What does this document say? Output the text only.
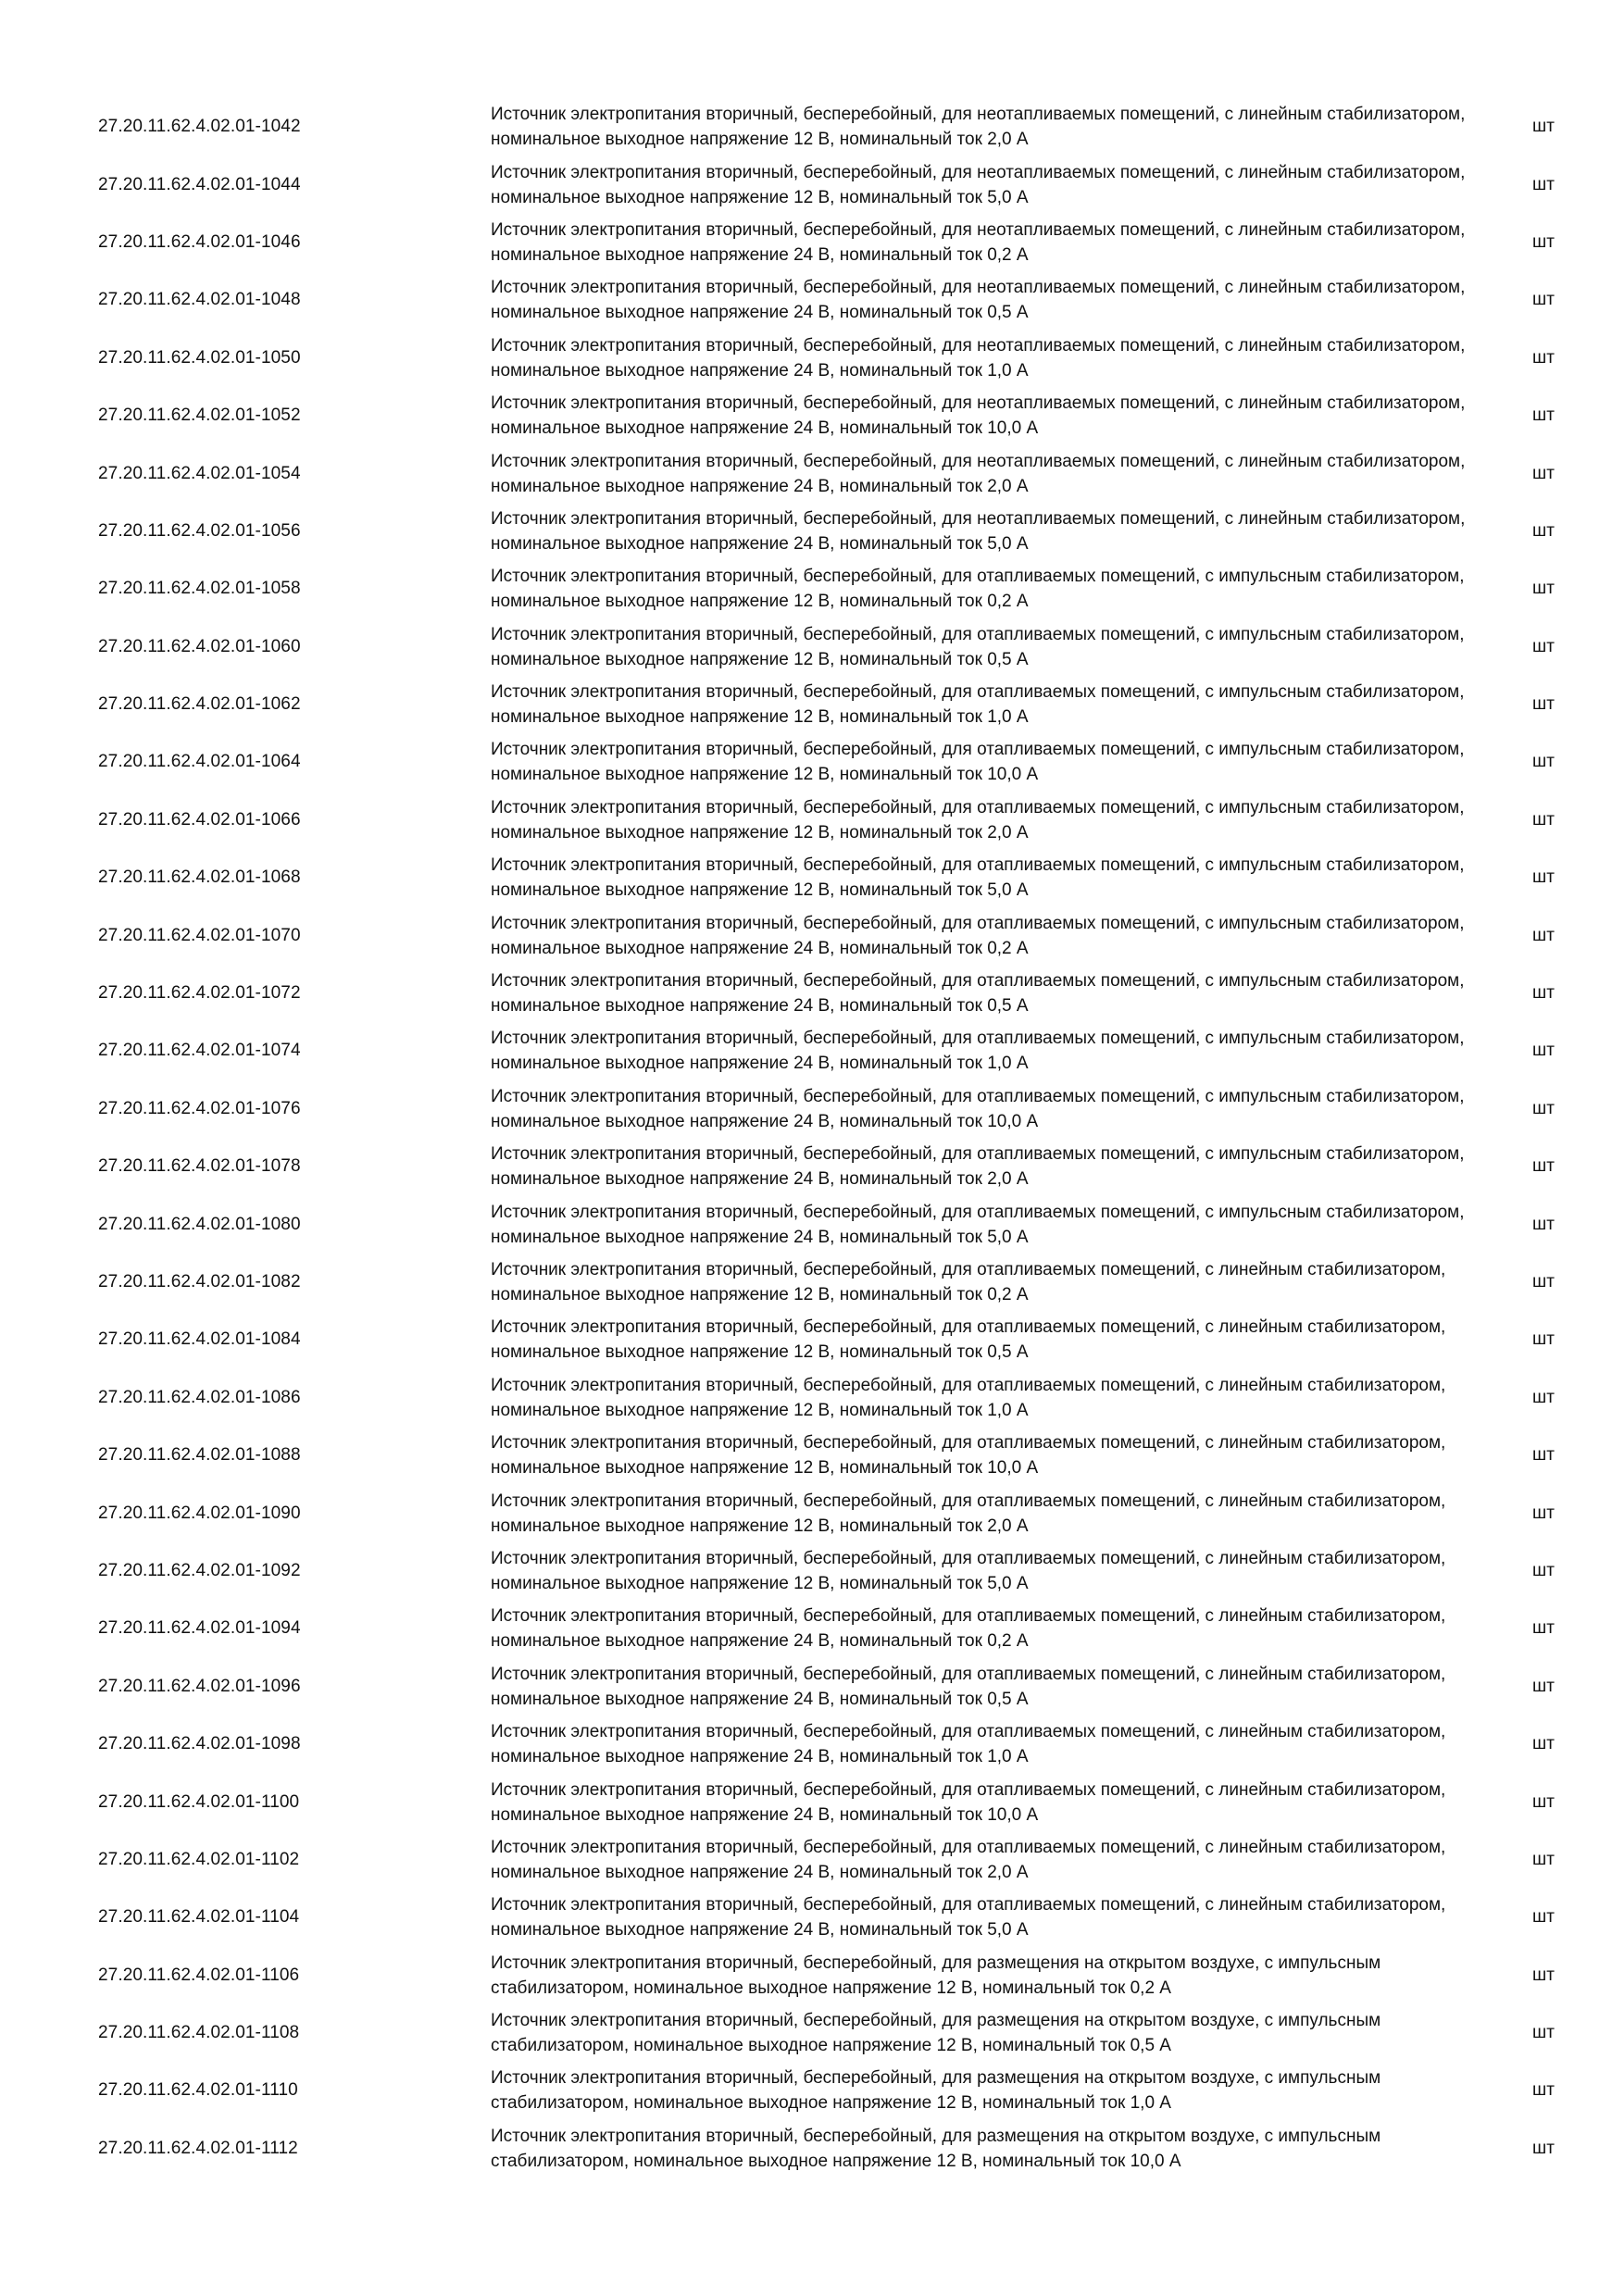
27.20.11.62.4.02.01-1042
Источник электропитания вторичный, бесперебойный, для неотапливаемых помещений, с линейным стабилизатором, номинальное выходное напряжение 12 В, номинальный ток 2,0 А
шт
27.20.11.62.4.02.01-1044
Источник электропитания вторичный, бесперебойный, для неотапливаемых помещений, с линейным стабилизатором, номинальное выходное напряжение 12 В, номинальный ток 5,0 А
шт
27.20.11.62.4.02.01-1046
Источник электропитания вторичный, бесперебойный, для неотапливаемых помещений, с линейным стабилизатором, номинальное выходное напряжение 24 В, номинальный ток 0,2 А
шт
27.20.11.62.4.02.01-1048
Источник электропитания вторичный, бесперебойный, для неотапливаемых помещений, с линейным стабилизатором, номинальное выходное напряжение 24 В, номинальный ток 0,5 А
шт
27.20.11.62.4.02.01-1050
Источник электропитания вторичный, бесперебойный, для неотапливаемых помещений, с линейным стабилизатором, номинальное выходное напряжение 24 В, номинальный ток 1,0 А
шт
27.20.11.62.4.02.01-1052
Источник электропитания вторичный, бесперебойный, для неотапливаемых помещений, с линейным стабилизатором, номинальное выходное напряжение 24 В, номинальный ток 10,0 А
шт
27.20.11.62.4.02.01-1054
Источник электропитания вторичный, бесперебойный, для неотапливаемых помещений, с линейным стабилизатором, номинальное выходное напряжение 24 В, номинальный ток 2,0 А
шт
27.20.11.62.4.02.01-1056
Источник электропитания вторичный, бесперебойный, для неотапливаемых помещений, с линейным стабилизатором, номинальное выходное напряжение 24 В, номинальный ток 5,0 А
шт
27.20.11.62.4.02.01-1058
Источник электропитания вторичный, бесперебойный, для отапливаемых помещений, с импульсным стабилизатором, номинальное выходное напряжение 12 В, номинальный ток 0,2 А
шт
27.20.11.62.4.02.01-1060
Источник электропитания вторичный, бесперебойный, для отапливаемых помещений, с импульсным стабилизатором, номинальное выходное напряжение 12 В, номинальный ток 0,5 А
шт
27.20.11.62.4.02.01-1062
Источник электропитания вторичный, бесперебойный, для отапливаемых помещений, с импульсным стабилизатором, номинальное выходное напряжение 12 В, номинальный ток 1,0 А
шт
27.20.11.62.4.02.01-1064
Источник электропитания вторичный, бесперебойный, для отапливаемых помещений, с импульсным стабилизатором, номинальное выходное напряжение 12 В, номинальный ток 10,0 А
шт
27.20.11.62.4.02.01-1066
Источник электропитания вторичный, бесперебойный, для отапливаемых помещений, с импульсным стабилизатором, номинальное выходное напряжение 12 В, номинальный ток 2,0 А
шт
27.20.11.62.4.02.01-1068
Источник электропитания вторичный, бесперебойный, для отапливаемых помещений, с импульсным стабилизатором, номинальное выходное напряжение 12 В, номинальный ток 5,0 А
шт
27.20.11.62.4.02.01-1070
Источник электропитания вторичный, бесперебойный, для отапливаемых помещений, с импульсным стабилизатором, номинальное выходное напряжение 24 В, номинальный ток 0,2 А
шт
27.20.11.62.4.02.01-1072
Источник электропитания вторичный, бесперебойный, для отапливаемых помещений, с импульсным стабилизатором, номинальное выходное напряжение 24 В, номинальный ток 0,5 А
шт
27.20.11.62.4.02.01-1074
Источник электропитания вторичный, бесперебойный, для отапливаемых помещений, с импульсным стабилизатором, номинальное выходное напряжение 24 В, номинальный ток 1,0 А
шт
27.20.11.62.4.02.01-1076
Источник электропитания вторичный, бесперебойный, для отапливаемых помещений, с импульсным стабилизатором, номинальное выходное напряжение 24 В, номинальный ток 10,0 А
шт
27.20.11.62.4.02.01-1078
Источник электропитания вторичный, бесперебойный, для отапливаемых помещений, с импульсным стабилизатором, номинальное выходное напряжение 24 В, номинальный ток 2,0 А
шт
27.20.11.62.4.02.01-1080
Источник электропитания вторичный, бесперебойный, для отапливаемых помещений, с импульсным стабилизатором, номинальное выходное напряжение 24 В, номинальный ток 5,0 А
шт
27.20.11.62.4.02.01-1082
Источник электропитания вторичный, бесперебойный, для отапливаемых помещений, с линейным стабилизатором, номинальное выходное напряжение 12 В, номинальный ток 0,2 А
шт
27.20.11.62.4.02.01-1084
Источник электропитания вторичный, бесперебойный, для отапливаемых помещений, с линейным стабилизатором, номинальное выходное напряжение 12 В, номинальный ток 0,5 А
шт
27.20.11.62.4.02.01-1086
Источник электропитания вторичный, бесперебойный, для отапливаемых помещений, с линейным стабилизатором, номинальное выходное напряжение 12 В, номинальный ток 1,0 А
шт
27.20.11.62.4.02.01-1088
Источник электропитания вторичный, бесперебойный, для отапливаемых помещений, с линейным стабилизатором, номинальное выходное напряжение 12 В, номинальный ток 10,0 А
шт
27.20.11.62.4.02.01-1090
Источник электропитания вторичный, бесперебойный, для отапливаемых помещений, с линейным стабилизатором, номинальное выходное напряжение 12 В, номинальный ток 2,0 А
шт
27.20.11.62.4.02.01-1092
Источник электропитания вторичный, бесперебойный, для отапливаемых помещений, с линейным стабилизатором, номинальное выходное напряжение 12 В, номинальный ток 5,0 А
шт
27.20.11.62.4.02.01-1094
Источник электропитания вторичный, бесперебойный, для отапливаемых помещений, с линейным стабилизатором, номинальное выходное напряжение 24 В, номинальный ток 0,2 А
шт
27.20.11.62.4.02.01-1096
Источник электропитания вторичный, бесперебойный, для отапливаемых помещений, с линейным стабилизатором, номинальное выходное напряжение 24 В, номинальный ток 0,5 А
шт
27.20.11.62.4.02.01-1098
Источник электропитания вторичный, бесперебойный, для отапливаемых помещений, с линейным стабилизатором, номинальное выходное напряжение 24 В, номинальный ток 1,0 А
шт
27.20.11.62.4.02.01-1100
Источник электропитания вторичный, бесперебойный, для отапливаемых помещений, с линейным стабилизатором, номинальное выходное напряжение 24 В, номинальный ток 10,0 А
шт
27.20.11.62.4.02.01-1102
Источник электропитания вторичный, бесперебойный, для отапливаемых помещений, с линейным стабилизатором, номинальное выходное напряжение 24 В, номинальный ток 2,0 А
шт
27.20.11.62.4.02.01-1104
Источник электропитания вторичный, бесперебойный, для отапливаемых помещений, с линейным стабилизатором, номинальное выходное напряжение 24 В, номинальный ток 5,0 А
шт
27.20.11.62.4.02.01-1106
Источник электропитания вторичный, бесперебойный, для размещения на открытом воздухе, с импульсным стабилизатором, номинальное выходное напряжение 12 В, номинальный ток 0,2 А
шт
27.20.11.62.4.02.01-1108
Источник электропитания вторичный, бесперебойный, для размещения на открытом воздухе, с импульсным стабилизатором, номинальное выходное напряжение 12 В, номинальный ток 0,5 А
шт
27.20.11.62.4.02.01-1110
Источник электропитания вторичный, бесперебойный, для размещения на открытом воздухе, с импульсным стабилизатором, номинальное выходное напряжение 12 В, номинальный ток 1,0 А
шт
27.20.11.62.4.02.01-1112
Источник электропитания вторичный, бесперебойный, для размещения на открытом воздухе, с импульсным стабилизатором, номинальное выходное напряжение 12 В, номинальный ток 10,0 А
шт
